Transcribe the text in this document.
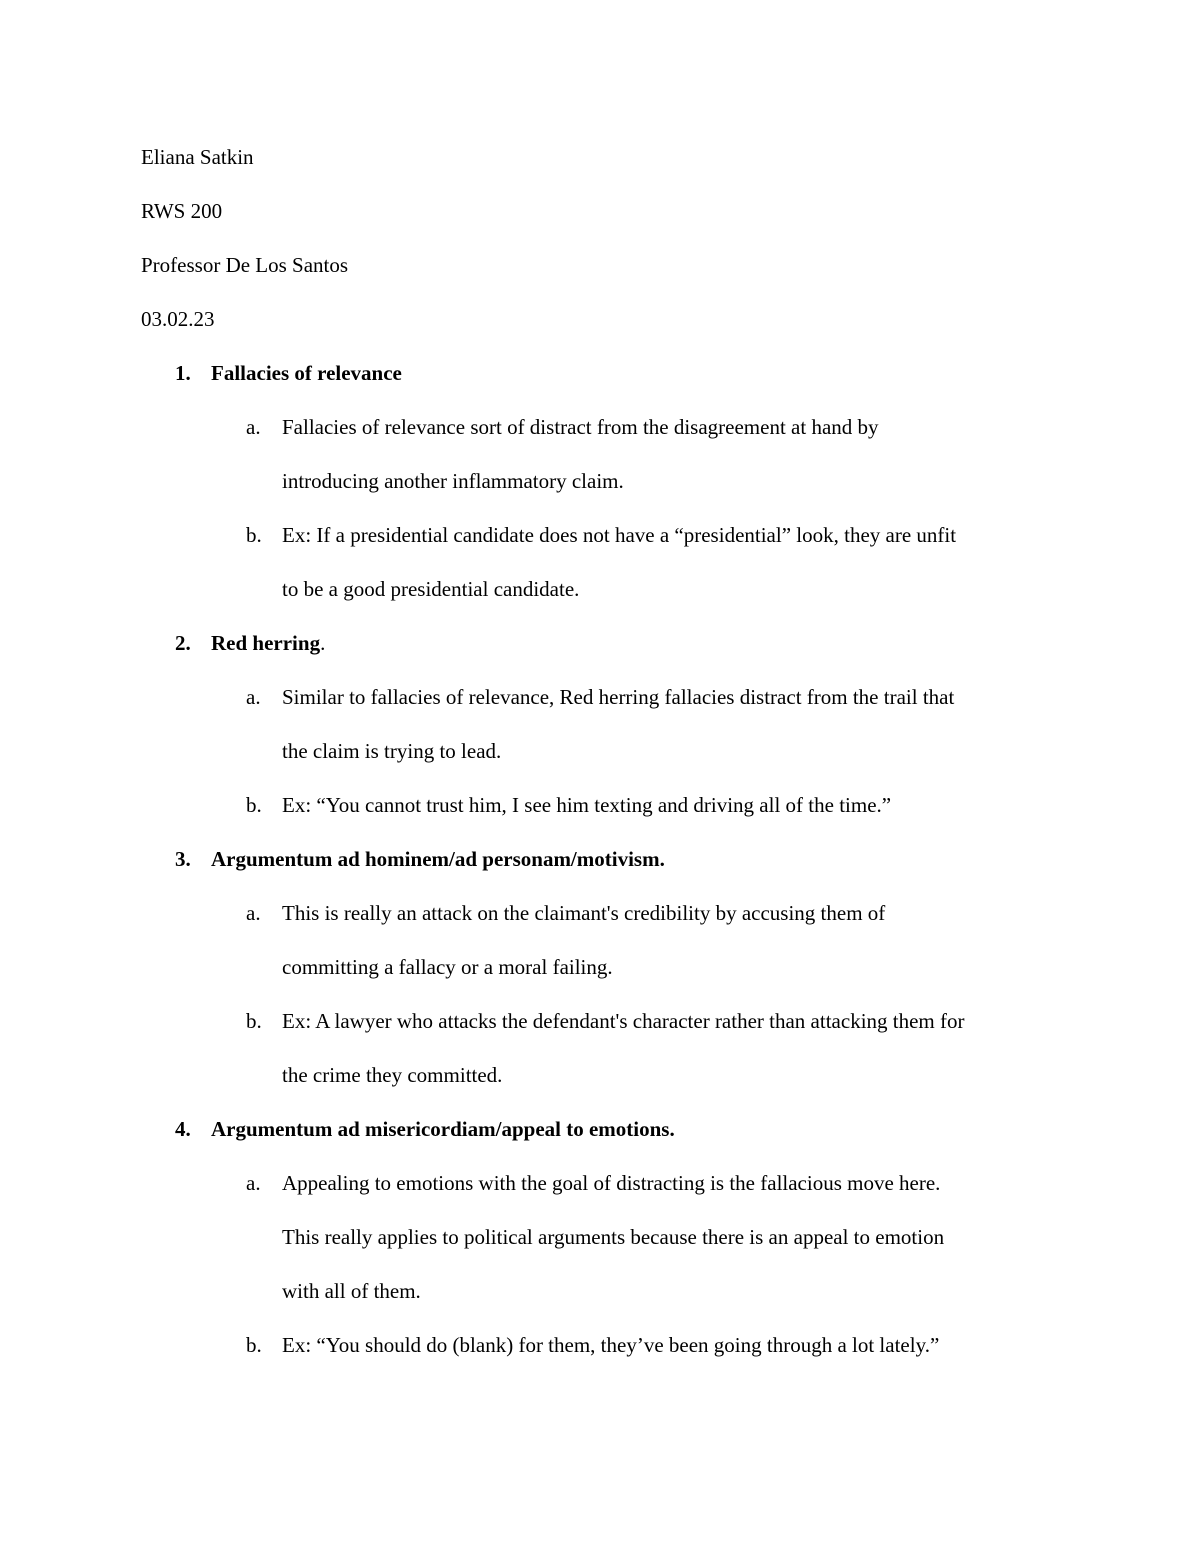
Eliana Satkin
RWS 200
Professor De Los Santos
03.02.23
1. Fallacies of relevance
a. Fallacies of relevance sort of distract from the disagreement at hand by
introducing another inflammatory claim.
b. Ex: If a presidential candidate does not have a “presidential” look, they are unfit
to be a good presidential candidate.
2. Red herring.
a. Similar to fallacies of relevance, Red herring fallacies distract from the trail that
the claim is trying to lead.
b. Ex: “You cannot trust him, I see him texting and driving all of the time.”
3. Argumentum ad hominem/ad personam/motivism.
a. This is really an attack on the claimant's credibility by accusing them of
committing a fallacy or a moral failing.
b. Ex: A lawyer who attacks the defendant's character rather than attacking them for
the crime they committed.
4. Argumentum ad misericordiam/appeal to emotions.
a. Appealing to emotions with the goal of distracting is the fallacious move here.
This really applies to political arguments because there is an appeal to emotion
with all of them.
b. Ex: “You should do (blank) for them, they’ve been going through a lot lately.”
